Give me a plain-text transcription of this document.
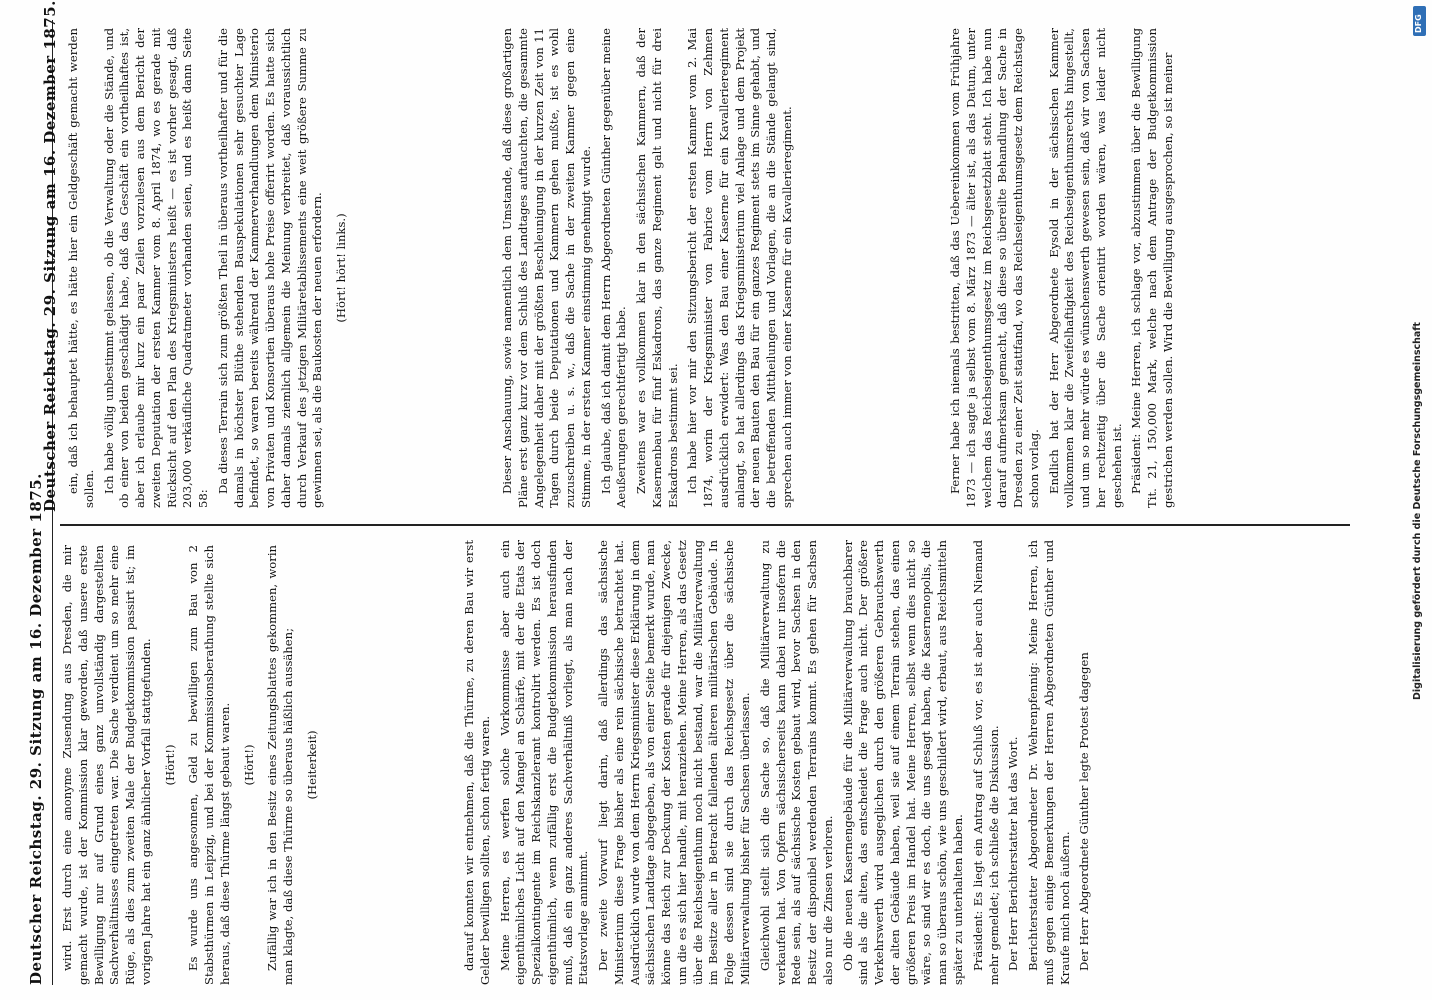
Deutscher Reichstag. 29. Sitzung am 16. Dezember 1875. wird. Erst durch eine anonyme Zusendung aus Dresden, die mir gemacht wurde, ist der Kommission klar geworden, daß unsere erste Bewilligung nur auf Grund eines ganz unvollständig dargestellten Sachverhältnisses eingetreten war. Die Sache verdient um so mehr eine Rüge, als dies zum zweiten Male der Budgetkommission passirt ist; im vorigen Jahre hat ein ganz ähnlicher Vorfall stattgefunden. (Hört!) Es wurde uns angesonnen, Geld zu bewilligen zum Bau von 2 Stabsthürmen in Leipzig, und bei der Kommissionsberathung stellte sich heraus, daß diese Thürme längst gebaut waren. (Hört!) Zufällig war ich in den Besitz eines Zeitungsblattes gekommen, worin man klagte, daß diese Thürme so überaus häßlich aussähen; (Heiterkeit)	darauf konnten wir entnehmen, daß die Thürme, zu deren Bau wir erst Gelder bewilligen sollten, schon fertig waren. Meine Herren, es werfen solche Vorkommnisse aber auch ein eigenthümliches Licht auf den Mangel an Schärfe, mit der die Etats der Spezialkontingente im Reichskanzleramt kontrolirt werden. Es ist doch eigenthümlich, wenn zufällig erst die Budgetkommission herausfinden muß, daß ein ganz anderes Sachverhältniß vorliegt, als man nach der Etatsvorlage annimmt. Der zweite Vorwurf liegt darin, daß allerdings das sächsische Ministerium diese Frage bisher als eine rein sächsische betrachtet hat. Ausdrücklich wurde von dem Herrn Kriegsminister diese Erklärung in dem sächsischen Landtage abgegeben, als von einer Seite bemerkt wurde, man könne das Reich zur Deckung der Kosten gerade für diejenigen Zwecke, um die es sich hier handle, mit heranziehen. Meine Herren, als das Gesetz über die Reichseigenthum noch nicht bestand, war die Militärverwaltung im Besitze aller in Betracht fallenden älteren militärischen Gebäude. In Folge dessen sind sie durch das Reichsgesetz über die sächsische Militärverwaltung bisher für Sachsen überlassen. Gleichwohl stellt sich die Sache so, daß die Militärverwaltung zu verkaufen hat. Von Opfern sächsischerseits kann dabei nur insofern die Rede sein, als auf sächsische Kosten gebaut wird, bevor Sachsen in den Besitz der disponibel werdenden Terrains kommt. Es gehen für Sachsen also nur die Zinsen verloren. Ob die neuen Kasernengebäude für die Militärverwaltung brauchbarer sind als die alten, das entscheidet die Frage auch nicht. Der größere Verkehrswerth wird ausgeglichen durch den größeren Gebrauchswerth der alten Gebäude haben, weil sie auf einem Terrain stehen, das einen größeren Preis im Handel hat. Meine Herren, selbst wenn dies nicht so wäre, so sind wir es doch, die uns gesagt haben, die Kasernenopolis, die man so überaus schön, wie uns geschildert wird, erbaut, aus Reichsmitteln später zu unterhalten haben. Präsident: Es liegt ein Antrag auf Schluß vor, es ist aber auch Niemand mehr gemeldet; ich schließe die Diskussion. Der Herr Berichterstatter hat das Wort. Berichterstatter Abgeordneter Dr. Wehrenpfennig: Meine Herren, ich muß gegen einige Bemerkungen der Herren Abgeordneten Günther und Kraufe mich noch äußern. Der Herr Abgeordnete Günther legte Protest dagegen

Deutscher Reichstag. 29. Sitzung am 16. Dezember 1875. ein, daß ich behauptet hätte, es hätte hier ein Geldgeschäft gemacht werden sollen. Ich habe völlig unbestimmt gelassen, ob die Verwaltung oder die Stände, und ob einer von beiden geschädigt habe, daß das Geschäft ein vortheilhaftes ist, aber ich erlaube mir kurz ein paar Zeilen vorzulesen aus dem Bericht der zweiten Deputation der ersten Kammer vom 8. April 1874, wo es gerade mit Rücksicht auf den Plan des Kriegsministers heißt — es ist vorher gesagt, daß 203,000 verkäufliche Quadratmeter vorhanden seien, und es heißt dann Seite 58:

Da dieses Terrain sich zum größten Theil in überaus vortheilhafter und für die damals in höchster Blüthe stehenden Bauspekulationen sehr gesuchter Lage befindet, so waren bereits während der Kammerverhandlungen dem Ministerio von Privaten und Konsortien überaus hohe Preise offerirt worden. Es hatte sich daher damals ziemlich allgemein die Meinung verbreitet, daß voraussichtlich durch Verkauf des jetzigen Militäretablissements eine weit größere Summe zu gewinnen sei, als die Baukosten der neuen erfordern. (Hört! hört! links.)	Dieser Anschauung, sowie namentlich dem Umstande, daß diese großartigen Pläne erst ganz kurz vor dem Schluß des Landtages auftauchten, die gesammte Angelegenheit daher mit der größten Beschleunigung in der kurzen Zeit von 11 Tagen durch beide Deputationen und Kammern gehen mußte, ist es wohl zuzuschreiben u. s. w., daß die Sache in der zweiten Kammer gegen eine Stimme, in der ersten Kammer einstimmig genehmigt wurde. Ich glaube, daß ich damit dem Herrn Abgeordneten Günther gegenüber meine Aeußerungen gerechtfertigt habe. Zweitens war es vollkommen klar in den sächsischen Kammern, daß der Kasernenbau für fünf Eskadrons, das ganze Regiment galt und nicht für drei Eskadrons bestimmt sei. Ich habe hier vor mir den Sitzungsbericht der ersten Kammer vom 2. Mai 1874, worin der Kriegsminister von Fabrice vom Herrn von Zehmen ausdrücklich erwidert: Was den Bau einer Kaserne für ein Kavallerieregiment anlangt, so hat allerdings das Kriegsministerium viel Anlage und dem Projekt der neuen Bauten den Bau für ein ganzes Regiment stets im Sinne gehabt, und die betreffenden Mittheilungen und Vorlagen, die an die Stände gelangt sind, sprechen auch immer von einer Kaserne für ein Kavallerieregiment.	Ferner habe ich niemals bestritten, daß das Uebereinkommen vom Frühjahre 1873 — ich sagte ja selbst vom 8. März 1873 — älter ist, als das Datum, unter welchem das Reichseigenthumsgesetz im Reichsgesetzblatt steht. Ich habe nun darauf aufmerksam gemacht, daß diese so übereilte Behandlung der Sache in Dresden zu einer Zeit stattfand, wo das Reichseigenthumsgesetz dem Reichstage schon vorlag. Endlich hat der Herr Abgeordnete Eysold in der sächsischen Kammer vollkommen klar die Zweifelhaftigkeit des Reichseigenthumsrechts hingestellt, und um so mehr würde es wünschenswerth gewesen sein, daß wir von Sachsen her rechtzeitig über die Sache orientirt worden wären, was leider nicht geschehen ist. Präsident: Meine Herren, ich schlage vor, abzustimmen über die Bewilligung Tit. 21, 150,000 Mark, welche nach dem Antrage der Budgetkommission gestrichen werden sollen. Wird die Bewilligung ausgesprochen, so ist meiner

Digitalisierung gefördert durch die Deutsche Forschungsgemeinschaft
DFG
